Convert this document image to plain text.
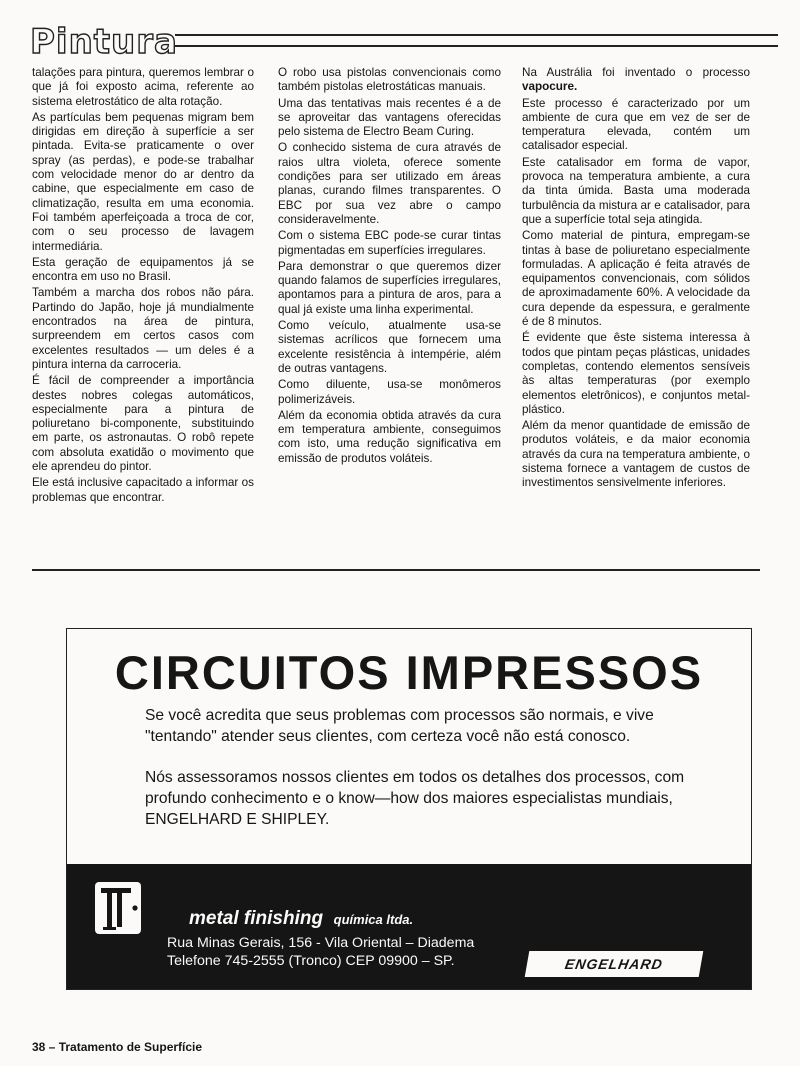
Pintura

talações para pintura, queremos lembrar o que já foi exposto acima, referente ao sistema eletrostático de alta rotação.

As partículas bem pequenas migram bem dirigidas em direção à superfície a ser pintada. Evita-se praticamente o over spray (as perdas), e pode-se trabalhar com velocidade menor do ar dentro da cabine, que especialmente em caso de climatização, resulta em uma economia. Foi também aperfeiçoada a troca de cor, com o seu processo de lavagem intermediária.

Esta geração de equipamentos já se encontra em uso no Brasil.

Também a marcha dos robos não pára. Partindo do Japão, hoje já mundialmente encontrados na área de pintura, surpreendem em certos casos com excelentes resultados — um deles é a pintura interna da carroceria.

É fácil de compreender a importância destes nobres colegas automáticos, especialmente para a pintura de poliuretano bi-componente, substituindo em parte, os astronautas. O robô repete com absoluta exatidão o movimento que ele aprendeu do pintor.

Ele está inclusive capacitado a informar os problemas que encontrar.

O robo usa pistolas convencionais como também pistolas eletrostáticas manuais.

Uma das tentativas mais recentes é a de se aproveitar das vantagens oferecidas pelo sistema de Electro Beam Curing.

O conhecido sistema de cura através de raios ultra violeta, oferece somente condições para ser utilizado em áreas planas, curando filmes transparentes. O EBC por sua vez abre o campo consideravelmente.

Com o sistema EBC pode-se curar tintas pigmentadas em superfícies irregulares.

Para demonstrar o que queremos dizer quando falamos de superfícies irregulares, apontamos para a pintura de aros, para a qual já existe uma linha experimental.

Como veículo, atualmente usa-se sistemas acrílicos que fornecem uma excelente resistência à intempérie, além de outras vantagens.

Como diluente, usa-se monômeros polimerizáveis.

Além da economia obtida através da cura em temperatura ambiente, conseguimos com isto, uma redução significativa em emissão de produtos voláteis.

Na Austrália foi inventado o processo vapocure.

Este processo é caracterizado por um ambiente de cura que em vez de ser de temperatura elevada, contém um catalisador especial.

Este catalisador em forma de vapor, provoca na temperatura ambiente, a cura da tinta úmida. Basta uma moderada turbulência da mistura ar e catalisador, para que a superfície total seja atingida.

Como material de pintura, empregam-se tintas à base de poliuretano especialmente formuladas. A aplicação é feita através de equipamentos convencionais, com sólidos de aproximadamente 60%. A velocidade da cura depende da espessura, e geralmente é de 8 minutos.

É evidente que êste sistema interessa à todos que pintam peças plásticas, unidades completas, contendo elementos sensíveis às altas temperaturas (por exemplo elementos eletrônicos), e conjuntos metal-plástico.

Além da menor quantidade de emissão de produtos voláteis, e da maior economia através da cura na temperatura ambiente, o sistema fornece a vantagem de custos de investimentos sensivelmente inferiores.

CIRCUITOS IMPRESSOS
Se você acredita que seus problemas com processos são normais, e vive "tentando" atender seus clientes, com certeza você não está conosco.
Nós assessoramos nossos clientes em todos os detalhes dos processos, com profundo conhecimento e o know—how dos maiores especialistas mundiais, ENGELHARD E SHIPLEY.
metal finishing química ltda.
Rua Minas Gerais, 156 - Vila Oriental – Diadema
Telefone 745-2555 (Tronco) CEP 09900 – SP.	ENGELHARD
38 – Tratamento de Superfície
